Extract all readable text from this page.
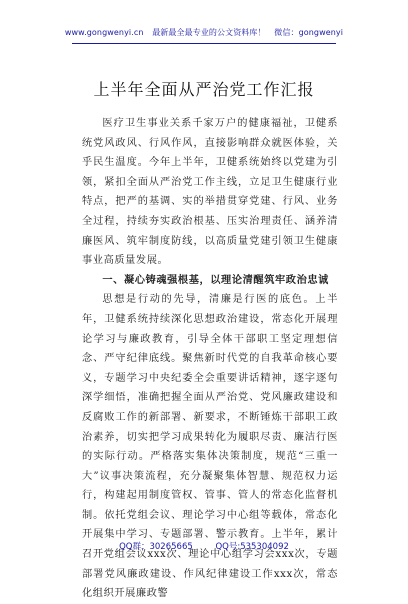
www.gongwenyi.cn 最新最全最专业的公文资料库！ 微信：gongwenyi
上半年全面从严治党工作汇报

医疗卫生事业关系千家万户的健康福祉，卫健系统党风政风、行风作风，直接影响群众就医体验，关乎民生温度。今年上半年，卫健系统始终以党建为引领，紧扣全面从严治党工作主线，立足卫生健康行业特点，把严的基调、实的举措贯穿党建、行风、业务全过程，持续夯实政治根基、压实治理责任、涵养清廉医风、筑牢制度防线，以高质量党建引领卫生健康事业高质量发展。

一、凝心铸魂强根基，以理论清醒筑牢政治忠诚

思想是行动的先导，清廉是行医的底色。上半年，卫健系统持续深化思想政治建设，常态化开展理论学习与廉政教育，引导全体干部职工坚定理想信念、严守纪律底线。聚焦新时代党的自我革命核心要义，专题学习中央纪委全会重要讲话精神，逐字逐句深学细悟，准确把握全面从严治党、党风廉政建设和反腐败工作的新部署、新要求，不断锤炼干部职工政治素养，切实把学习成果转化为履职尽责、廉洁行医的实际行动。严格落实集体决策制度，规范“三重一大”议事决策流程，充分凝聚集体智慧、规范权力运行，构建起用制度管权、管事、管人的常态化监督机制。依托党组会议、理论学习中心组等载体，常态化开展集中学习、专题部署、警示教育。上半年，累计召开党组会议xxx次、理论中心组学习会xxx次，专题部署党风廉政建设、作风纪律建设工作xxx次，常态化组织开展廉政警

QQ群：30265665	QQ号:535304092
